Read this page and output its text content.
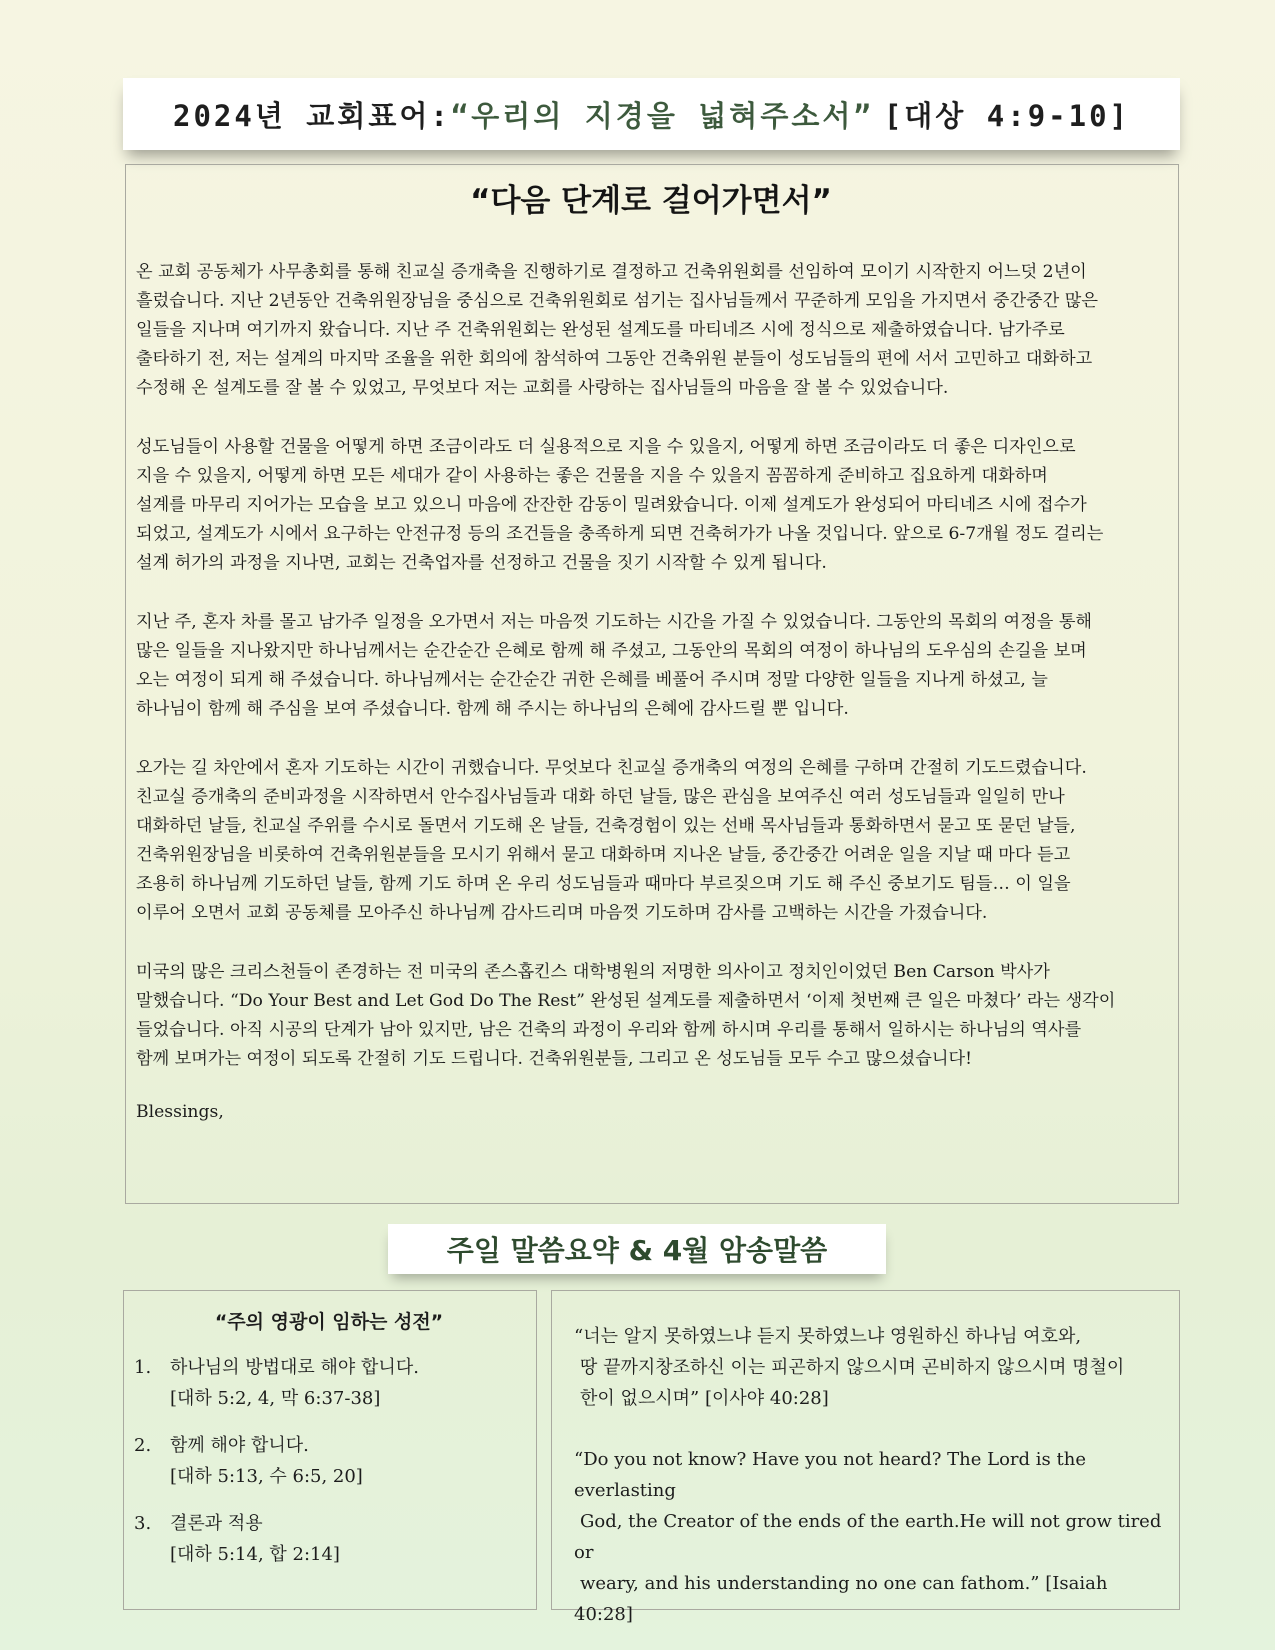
2024년 교회표어: “우리의 지경을 넓혀주소서” [대상 4:9-10]
“다음 단계로 걸어가면서”

온 교회 공동체가 사무총회를 통해 친교실 증개축을 진행하기로 결정하고 건축위원회를 선임하여 모이기 시작한지 어느덧 2년이
흘렀습니다. 지난 2년동안 건축위원장님을 중심으로 건축위원회로 섬기는 집사님들께서 꾸준하게 모임을 가지면서 중간중간 많은
일들을 지나며 여기까지 왔습니다. 지난 주 건축위원회는 완성된 설계도를 마티네즈 시에 정식으로 제출하였습니다. 남가주로
출타하기 전, 저는 설계의 마지막 조율을 위한 회의에 참석하여 그동안 건축위원 분들이 성도님들의 편에 서서 고민하고 대화하고
수정해 온 설계도를 잘 볼 수 있었고, 무엇보다 저는 교회를 사랑하는 집사님들의 마음을 잘 볼 수 있었습니다.

성도님들이 사용할 건물을 어떻게 하면 조금이라도 더 실용적으로 지을 수 있을지, 어떻게 하면 조금이라도 더 좋은 디자인으로
지을 수 있을지, 어떻게 하면 모든 세대가 같이 사용하는 좋은 건물을 지을 수 있을지 꼼꼼하게 준비하고 집요하게 대화하며
설계를 마무리 지어가는 모습을 보고 있으니 마음에 잔잔한 감동이 밀려왔습니다. 이제 설계도가 완성되어 마티네즈 시에 접수가
되었고, 설계도가 시에서 요구하는 안전규정 등의 조건들을 충족하게 되면 건축허가가 나올 것입니다. 앞으로 6-7개월 정도 걸리는
설계 허가의 과정을 지나면, 교회는 건축업자를 선정하고 건물을 짓기 시작할 수 있게 됩니다.

지난 주, 혼자 차를 몰고 남가주 일정을 오가면서 저는 마음껏 기도하는 시간을 가질 수 있었습니다. 그동안의 목회의 여정을 통해
많은 일들을 지나왔지만 하나님께서는 순간순간 은혜로 함께 해 주셨고, 그동안의 목회의 여정이 하나님의 도우심의 손길을 보며
오는 여정이 되게 해 주셨습니다. 하나님께서는 순간순간 귀한 은혜를 베풀어 주시며 정말 다양한 일들을 지나게 하셨고, 늘
하나님이 함께 해 주심을 보여 주셨습니다. 함께 해 주시는 하나님의 은혜에 감사드릴 뿐 입니다.

오가는 길 차안에서 혼자 기도하는 시간이 귀했습니다. 무엇보다 친교실 증개축의 여정의 은혜를 구하며 간절히 기도드렸습니다.
친교실 증개축의 준비과정을 시작하면서 안수집사님들과 대화 하던 날들, 많은 관심을 보여주신 여러 성도님들과 일일히 만나
대화하던 날들, 친교실 주위를 수시로 돌면서 기도해 온 날들, 건축경험이 있는 선배 목사님들과 통화하면서 묻고 또 묻던 날들,
건축위원장님을 비롯하여 건축위원분들을 모시기 위해서 묻고 대화하며 지나온 날들, 중간중간 어려운 일을 지날 때 마다 듣고
조용히 하나님께 기도하던 날들, 함께 기도 하며 온 우리 성도님들과 때마다 부르짖으며 기도 해 주신 중보기도 팀들… 이 일을
이루어 오면서 교회 공동체를 모아주신 하나님께 감사드리며 마음껏 기도하며 감사를 고백하는 시간을 가졌습니다.

미국의 많은 크리스천들이 존경하는 전 미국의 존스홉킨스 대학병원의 저명한 의사이고 정치인이었던 Ben Carson 박사가
말했습니다. “Do Your Best and Let God Do The Rest” 완성된 설계도를 제출하면서 ‘이제 첫번째 큰 일은 마쳤다’ 라는 생각이
들었습니다. 아직 시공의 단계가 남아 있지만, 남은 건축의 과정이 우리와 함께 하시며 우리를 통해서 일하시는 하나님의 역사를
함께 보며가는 여정이 되도록 간절히 기도 드립니다. 건축위원분들, 그리고 온 성도님들 모두 수고 많으셨습니다!

Blessings,
주일 말씀요약 & 4월 암송말씀
“주의 영광이 임하는 성전”
1.	하나님의 방법대로 해야 합니다.
[대하 5:2, 4, 막 6:37-38]
2.	함께 해야 합니다.
[대하 5:13, 수 6:5, 20]
3.	결론과 적용
[대하 5:14, 합 2:14]
“너는 알지 못하였느냐 듣지 못하였느냐 영원하신 하나님 여호와,
땅 끝까지창조하신 이는 피곤하지 않으시며 곤비하지 않으시며 명철이
한이 없으시며” [이사야 40:28]
“Do you not know? Have you not heard? The Lord is the everlasting
God, the Creator of the ends of the earth.He will not grow tired or
weary, and his understanding no one can fathom.” [Isaiah 40:28]
